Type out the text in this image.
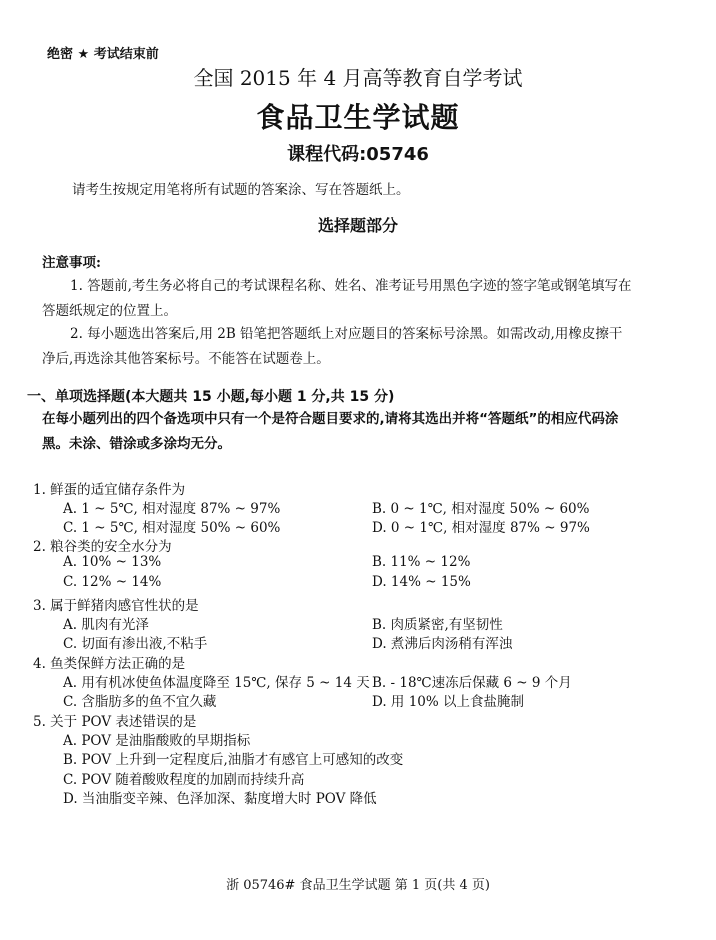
绝密 ★ 考试结束前
全国 2015 年 4 月高等教育自学考试
食品卫生学试题
课程代码:05746
请考生按规定用笔将所有试题的答案涂、写在答题纸上。
选择题部分
注意事项:
1. 答题前,考生务必将自己的考试课程名称、姓名、准考证号用黑色字迹的签字笔或钢笔填写在答题纸规定的位置上。
2. 每小题选出答案后,用 2B 铅笔把答题纸上对应题目的答案标号涂黑。如需改动,用橡皮擦干净后,再选涂其他答案标号。不能答在试题卷上。
一、单项选择题(本大题共 15 小题,每小题 1 分,共 15 分)
在每小题列出的四个备选项中只有一个是符合题目要求的,请将其选出并将“答题纸”的相应代码涂黑。未涂、错涂或多涂均无分。
1. 鲜蛋的适宜储存条件为
A. 1 ~ 5℃, 相对湿度 87% ~ 97%	B. 0 ~ 1℃, 相对湿度 50% ~ 60%
C. 1 ~ 5℃, 相对湿度 50% ~ 60%	D. 0 ~ 1℃, 相对湿度 87% ~ 97%
2. 粮谷类的安全水分为
A. 10% ~ 13%	B. 11% ~ 12%
C. 12% ~ 14%	D. 14% ~ 15%
3. 属于鲜猪肉感官性状的是
A. 肌肉有光泽	B. 肉质紧密,有坚韧性
C. 切面有渗出液,不粘手	D. 煮沸后肉汤稍有浑浊
4. 鱼类保鲜方法正确的是
A. 用有机冰使鱼体温度降至 15℃, 保存 5 ~ 14 天 B. - 18℃速冻后保藏 6 ~ 9 个月
C. 含脂肪多的鱼不宜久藏	D. 用 10% 以上食盐腌制
5. 关于 POV 表述错误的是
A. POV 是油脂酸败的早期指标
B. POV 上升到一定程度后,油脂才有感官上可感知的改变
C. POV 随着酸败程度的加剧而持续升高
D. 当油脂变辛辣、色泽加深、黏度增大时 POV 降低
浙 05746# 食品卫生学试题 第 1 页(共 4 页)
